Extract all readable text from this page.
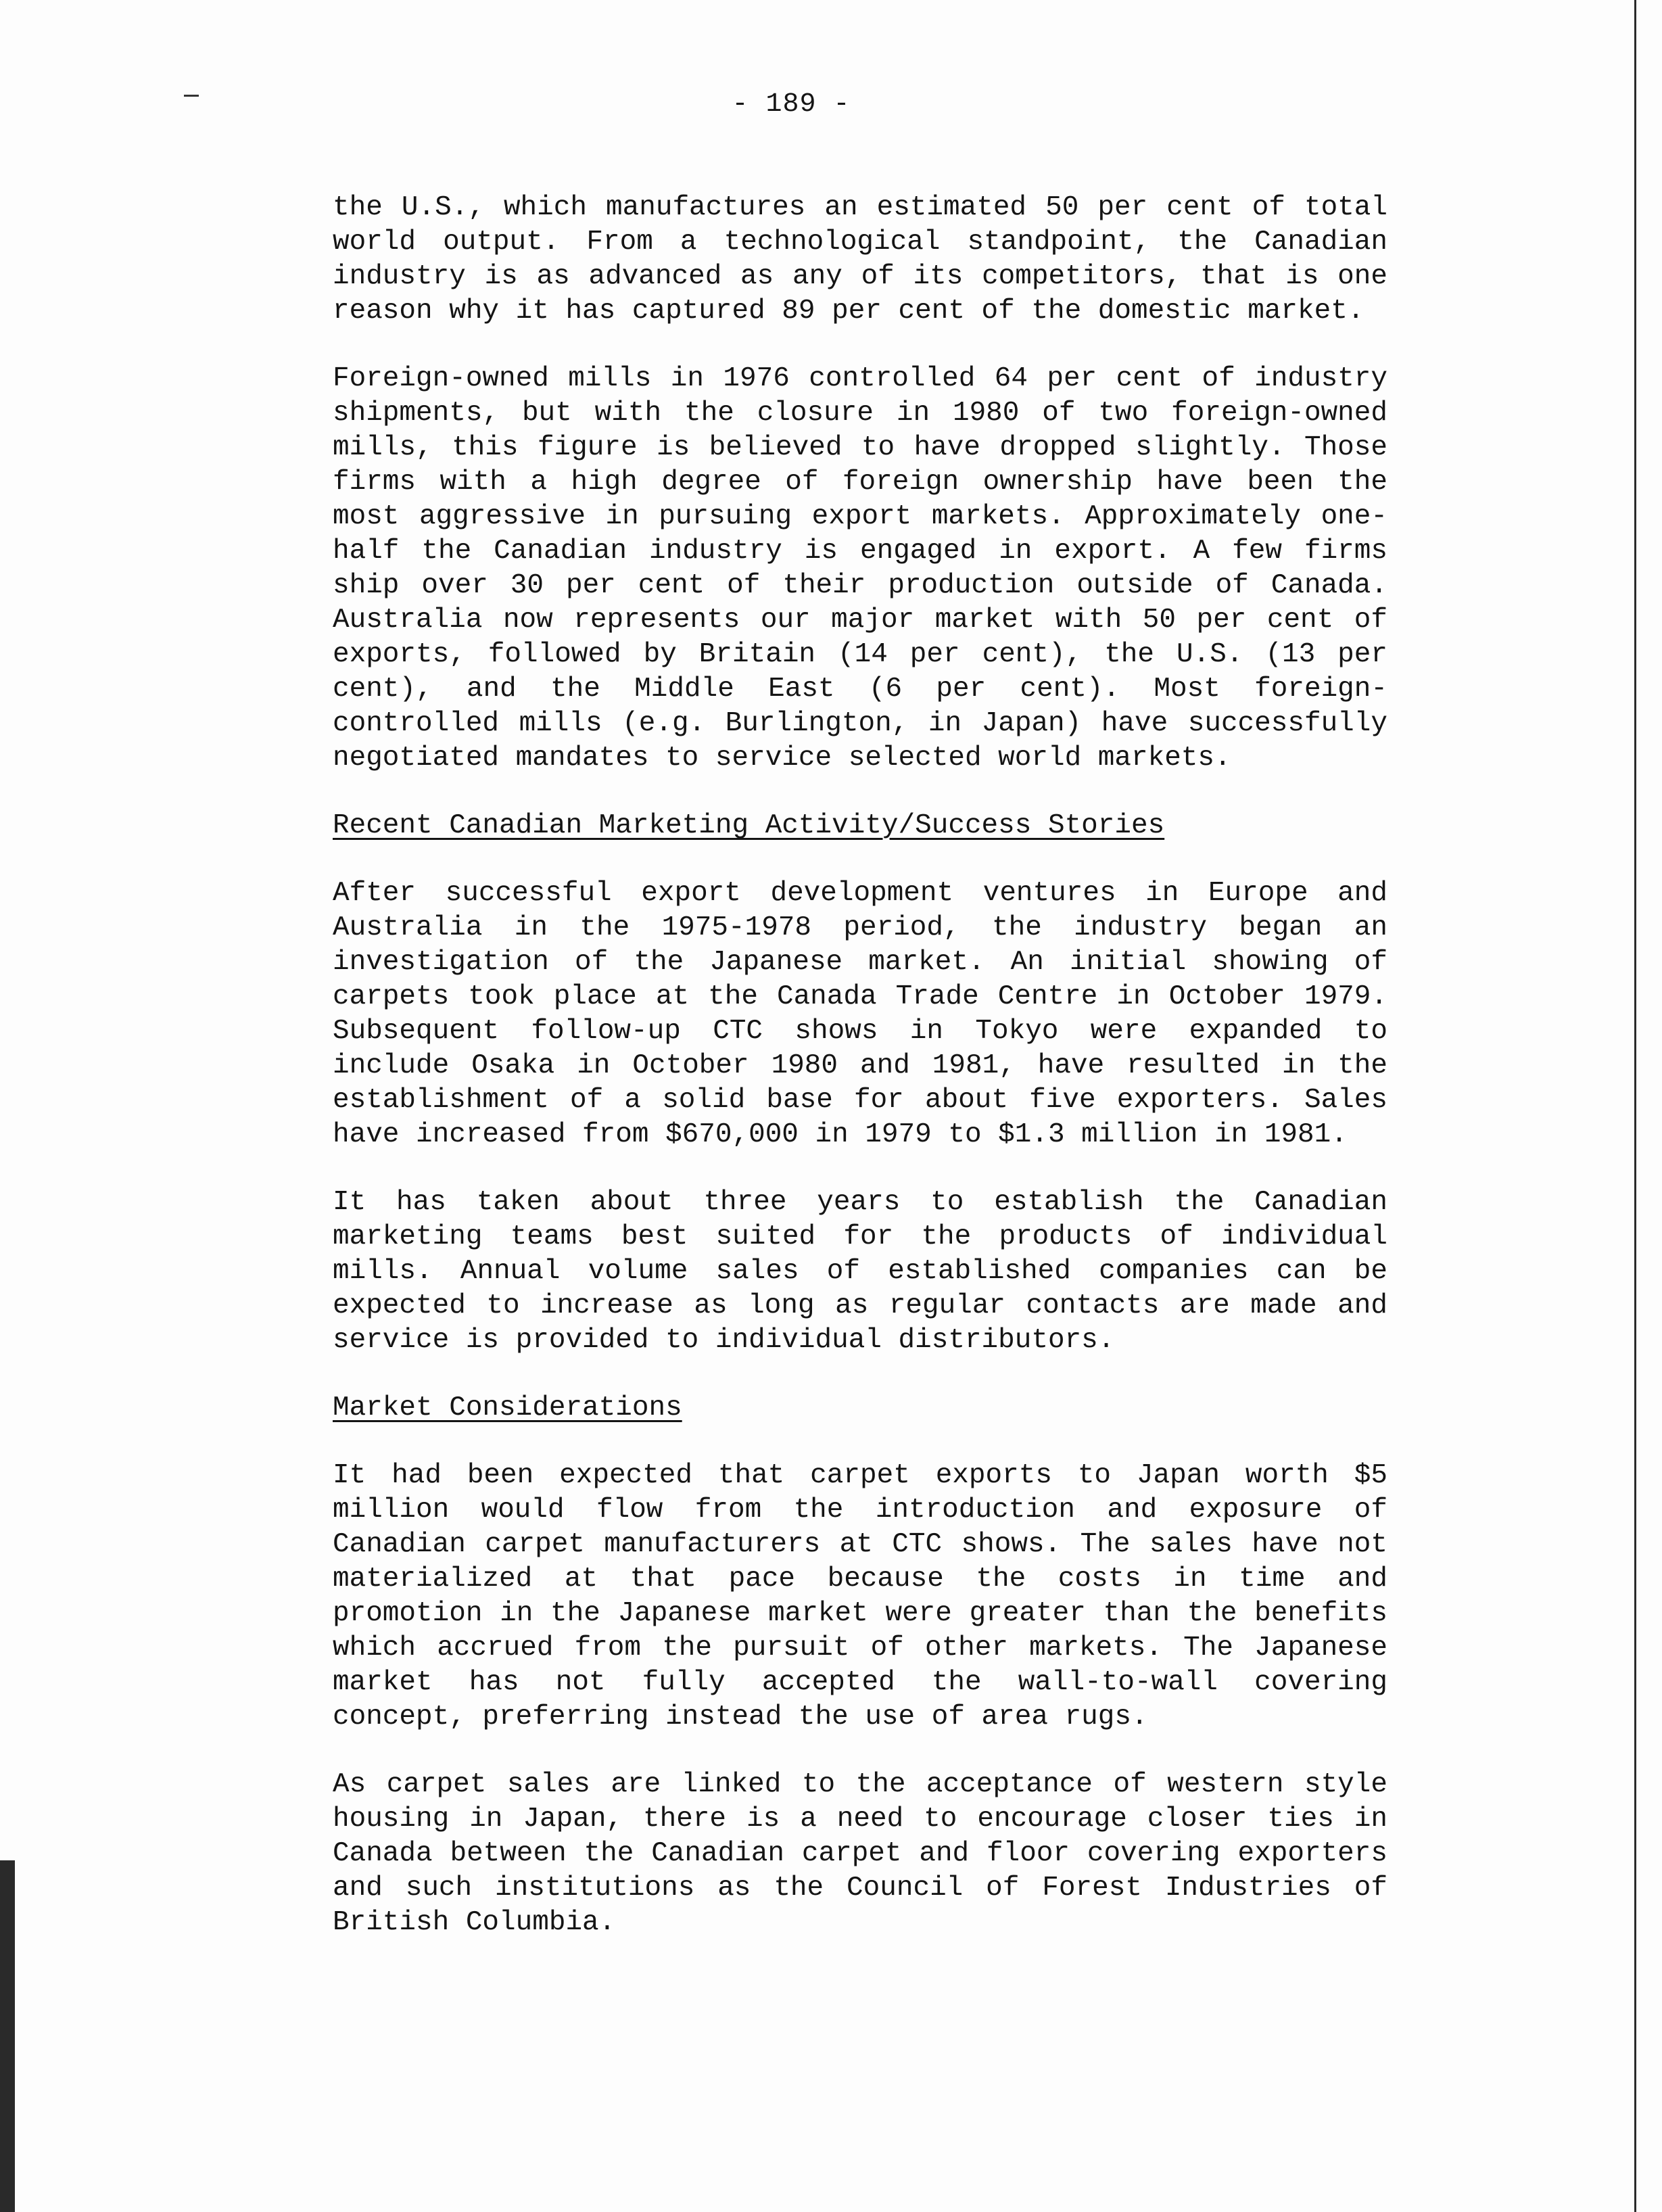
- 189 -

the U.S., which manufactures an estimated 50 per cent of total world output. From a technological standpoint, the Canadian industry is as advanced as any of its competitors, that is one reason why it has captured 89 per cent of the domestic market.

Foreign-owned mills in 1976 controlled 64 per cent of industry shipments, but with the closure in 1980 of two foreign-owned mills, this figure is believed to have dropped slightly. Those firms with a high degree of foreign ownership have been the most aggressive in pursuing export markets. Approximately one-half the Canadian industry is engaged in export. A few firms ship over 30 per cent of their production outside of Canada. Australia now represents our major market with 50 per cent of exports, followed by Britain (14 per cent), the U.S. (13 per cent), and the Middle East (6 per cent). Most foreign-controlled mills (e.g. Burlington, in Japan) have successfully negotiated mandates to service selected world markets.

Recent Canadian Marketing Activity/Success Stories

After successful export development ventures in Europe and Australia in the 1975-1978 period, the industry began an investigation of the Japanese market. An initial showing of carpets took place at the Canada Trade Centre in October 1979. Subsequent follow-up CTC shows in Tokyo were expanded to include Osaka in October 1980 and 1981, have resulted in the establishment of a solid base for about five exporters. Sales have increased from $670,000 in 1979 to $1.3 million in 1981.

It has taken about three years to establish the Canadian marketing teams best suited for the products of individual mills. Annual volume sales of established companies can be expected to increase as long as regular contacts are made and service is provided to individual distributors.

Market Considerations

It had been expected that carpet exports to Japan worth $5 million would flow from the introduction and exposure of Canadian carpet manufacturers at CTC shows. The sales have not materialized at that pace because the costs in time and promotion in the Japanese market were greater than the benefits which accrued from the pursuit of other markets. The Japanese market has not fully accepted the wall-to-wall covering concept, preferring instead the use of area rugs.

As carpet sales are linked to the acceptance of western style housing in Japan, there is a need to encourage closer ties in Canada between the Canadian carpet and floor covering exporters and such institutions as the Council of Forest Industries of British Columbia.
